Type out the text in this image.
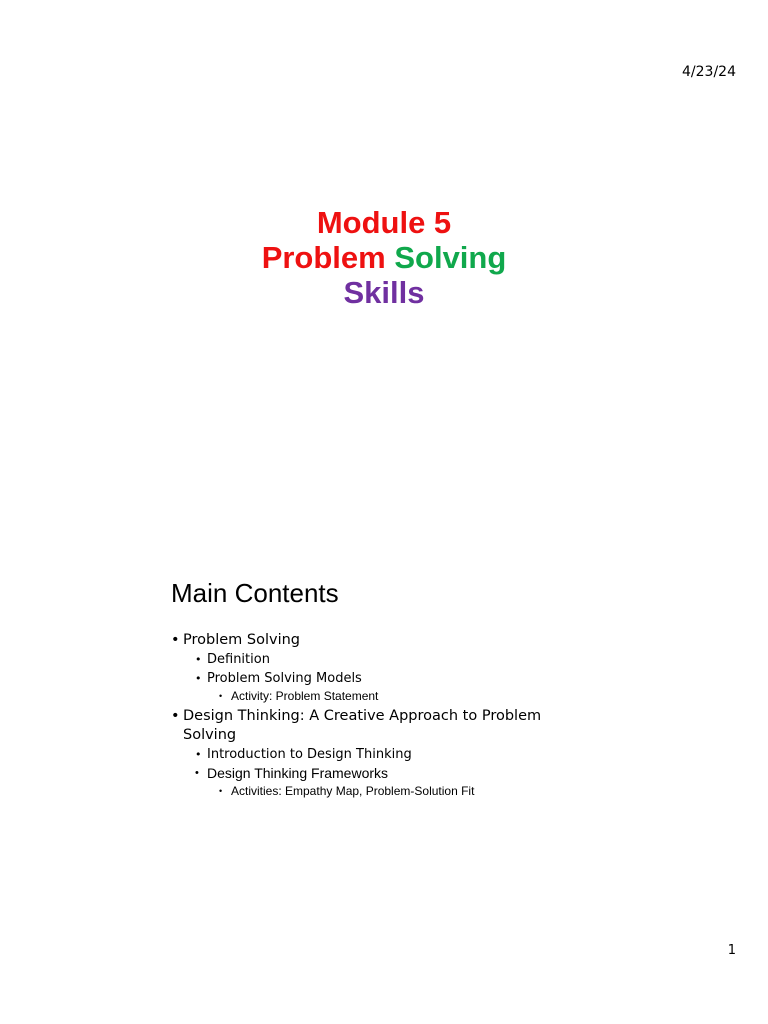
4/23/24
Module 5
Problem Solving
Skills
Main Contents
• Problem Solving
• Definition
• Problem Solving Models
• Activity: Problem Statement
• Design Thinking: A Creative Approach to Problem Solving
• Introduction to Design Thinking
• Design Thinking Frameworks
• Activities: Empathy Map, Problem-Solution Fit
1
